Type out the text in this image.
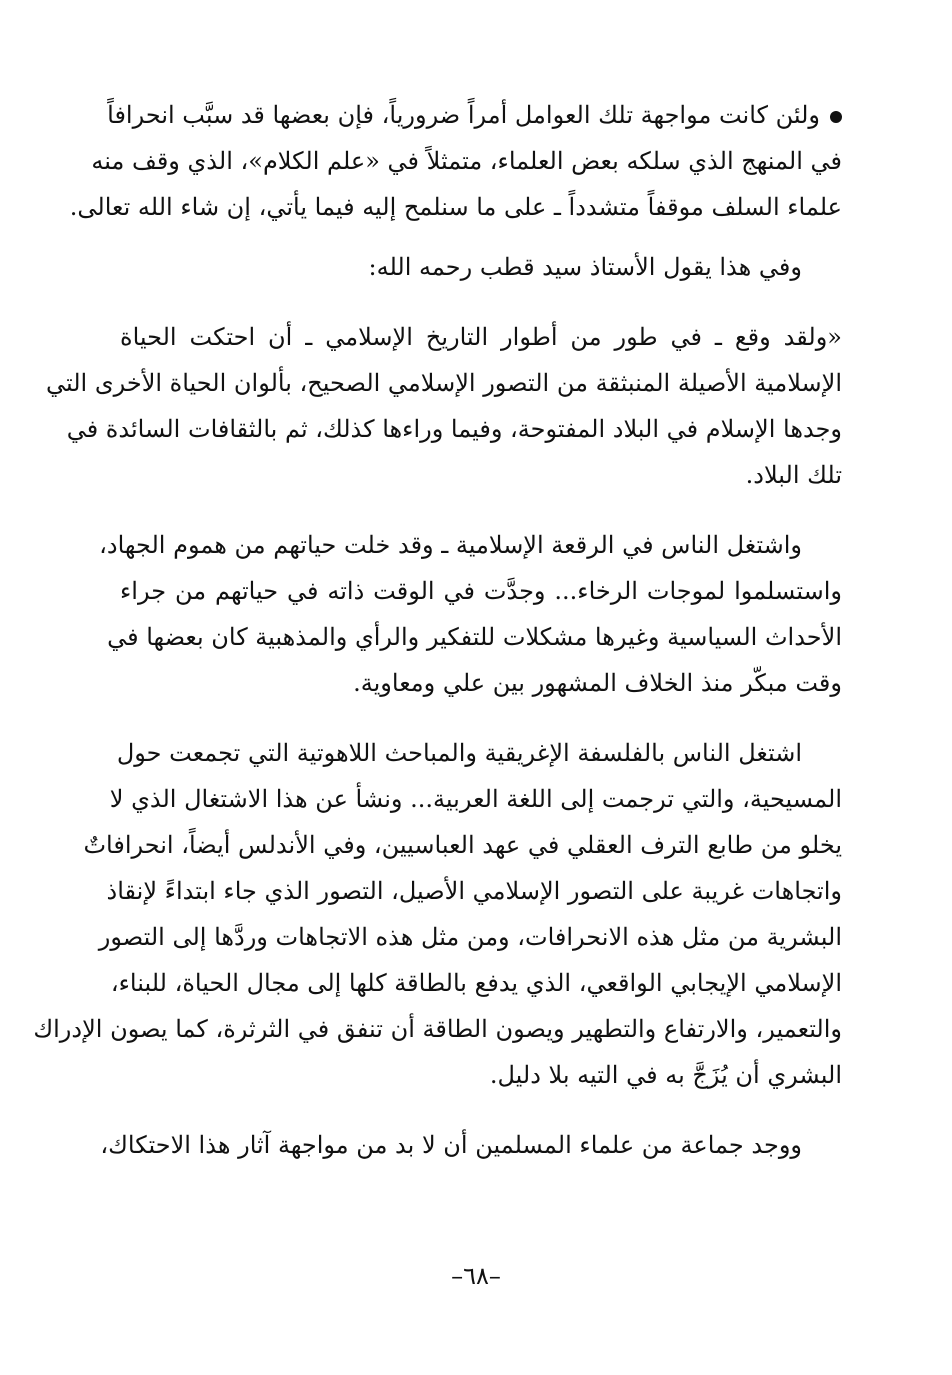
ولئن كانت مواجهة تلك العوامل أمراً ضرورياً، فإن بعضها قد سبَّب انحرافاً
في المنهج الذي سلكه بعض العلماء، متمثلاً في «علم الكلام»، الذي وقف منه
علماء السلف موقفاً متشدداً ـ على ما سنلمح إليه فيما يأتي، إن شاء الله تعالى.
وفي هذا يقول الأستاذ سيد قطب رحمه الله:
«ولقد وقع ـ في طور من أطوار التاريخ الإسلامي ـ أن احتكت الحياة
الإسلامية الأصيلة المنبثقة من التصور الإسلامي الصحيح، بألوان الحياة الأخرى التي
وجدها الإسلام في البلاد المفتوحة، وفيما وراءها كذلك، ثم بالثقافات السائدة في
تلك البلاد.
واشتغل الناس في الرقعة الإسلامية ـ وقد خلت حياتهم من هموم الجهاد،
واستسلموا لموجات الرخاء... وجدَّت في الوقت ذاته في حياتهم من جراء
الأحداث السياسية وغيرها مشكلات للتفكير والرأي والمذهبية كان بعضها في
وقت مبكّر منذ الخلاف المشهور بين علي ومعاوية.
اشتغل الناس بالفلسفة الإغريقية والمباحث اللاهوتية التي تجمعت حول
المسيحية، والتي ترجمت إلى اللغة العربية... ونشأ عن هذا الاشتغال الذي لا
يخلو من طابع الترف العقلي في عهد العباسيين، وفي الأندلس أيضاً، انحرافاتٌ
واتجاهات غريبة على التصور الإسلامي الأصيل، التصور الذي جاء ابتداءً لإنقاذ
البشرية من مثل هذه الانحرافات، ومن مثل هذه الاتجاهات وردَّها إلى التصور
الإسلامي الإيجابي الواقعي، الذي يدفع بالطاقة كلها إلى مجال الحياة، للبناء،
والتعمير، والارتفاع والتطهير ويصون الطاقة أن تنفق في الثرثرة، كما يصون الإدراك
البشري أن يُزَجَّ به في التيه بلا دليل.
ووجد جماعة من علماء المسلمين أن لا بد من مواجهة آثار هذا الاحتكاك،
–٦٨–
